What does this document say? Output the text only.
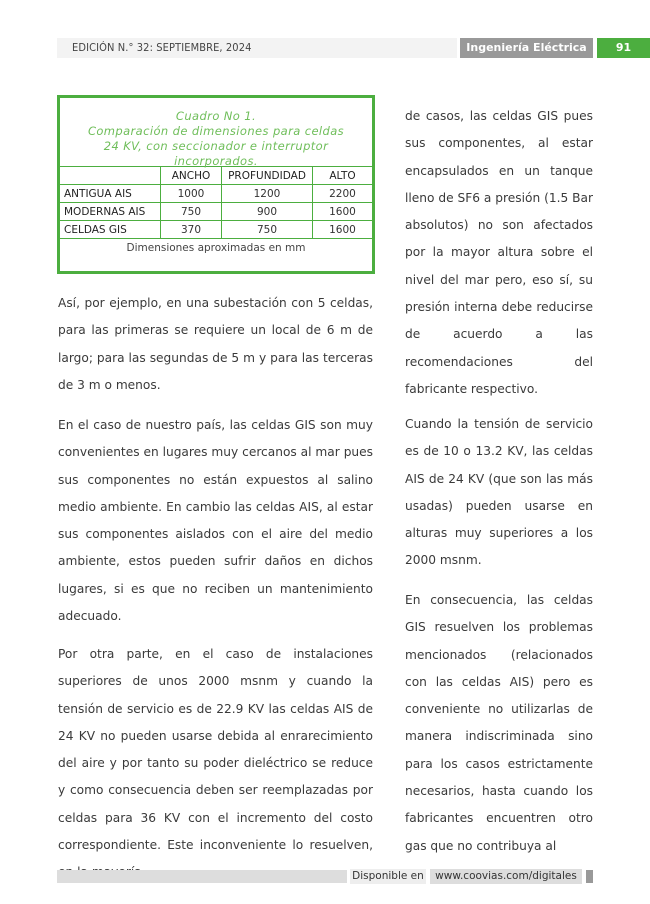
EDICIÓN N.° 32: SEPTIEMBRE, 2024	Ingeniería Eléctrica	91
Cuadro No 1.
Comparación de dimensiones para celdas
24 KV, con seccionador e interruptor
incorporados.
	ANCHO	PROFUNDIDAD	ALTO
ANTIGUA AIS	1000	1200	2200
MODERNAS AIS	750	900	1600
CELDAS GIS	370	750	1600
Dimensiones aproximadas en mm			

Así, por ejemplo, en una subestación con 5 celdas, para las primeras se requiere un local de 6 m de largo; para las segundas de 5 m y para las terceras de 3 m o menos.

En el caso de nuestro país, las celdas GIS son muy convenientes en lugares muy cercanos al mar pues sus componentes no están expuestos al salino medio ambiente. En cambio las celdas AIS, al estar sus componentes aislados con el aire del medio ambiente, estos pueden sufrir daños en dichos lugares, si es que no reciben un mantenimiento adecuado.

Por otra parte, en el caso de instalaciones superiores de unos 2000 msnm y cuando la tensión de servicio es de 22.9 KV las celdas AIS de 24 KV no pueden usarse debida al enrarecimiento del aire y por tanto su poder dieléctrico se reduce y como consecuencia deben ser reemplazadas por celdas para 36 KV con el incremento del costo correspondiente. Este inconveniente lo resuelven,

de casos, las celdas GIS pues sus componentes, al estar encapsulados en un tanque lleno de SF6 a presión (1.5 Bar absolutos) no son afectados por la mayor altura sobre el nivel del mar pero, eso sí, su presión interna debe reducirse de acuerdo a las recomendaciones del fabricante respectivo.

Cuando la tensión de servicio es de 10 o 13.2 KV, las celdas AIS de 24 KV (que son las más usadas) pueden usarse en alturas muy superiores a los 2000 msnm.

En consecuencia, las celdas GIS resuelven los problemas mencionados (relacionados con las celdas AIS) pero es conveniente no utilizarlas de manera indiscriminada sino para los casos estrictamente necesarios, hasta cuando los fabricantes encuentren otro gas que no contribuya al

Disponible en	www.coovias.com/digitales
